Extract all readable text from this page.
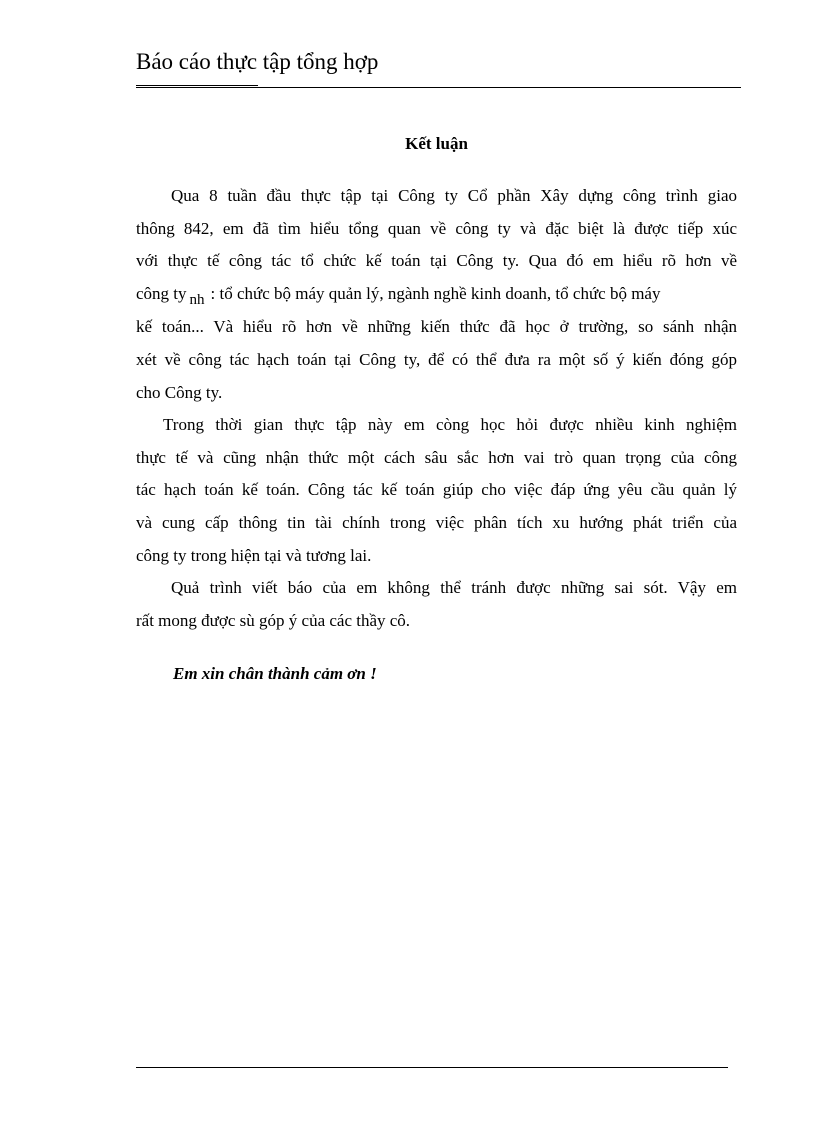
Báo cáo thực tập tổng hợp
Kết luận
Qua 8 tuần đầu thực tập tại Công ty Cổ phần Xây dựng công trình giao
thông 842, em đã tìm hiểu tổng quan về công ty và đặc biệt là được tiếp xúc
với thực tế công tác tổ chức kế toán tại Công ty. Qua đó em hiểu rõ hơn về
công ty nh : tổ chức bộ máy quản lý, ngành nghề kinh doanh, tổ chức bộ máy
kế toán... Và hiểu rõ hơn về những kiến thức đã học ở trường, so sánh nhận
xét về công tác hạch toán tại Công ty, để có thể đưa ra một số ý kiến đóng góp
cho Công ty.
Trong thời gian thực tập này em còng học hỏi được nhiều kinh nghiệm
thực tế và cũng nhận thức một cách sâu sắc hơn vai trò quan trọng của công
tác hạch toán kế toán. Công tác kế toán giúp cho việc đáp ứng yêu cầu quản lý
và cung cấp thông tin tài chính trong việc phân tích xu hướng phát triển của
công ty trong hiện tại và tương lai.
Quả trình viết báo của em không thể tránh được những sai sót. Vậy em
rất mong được sù góp ý của các thầy cô.
Em xin chân thành cảm ơn !
